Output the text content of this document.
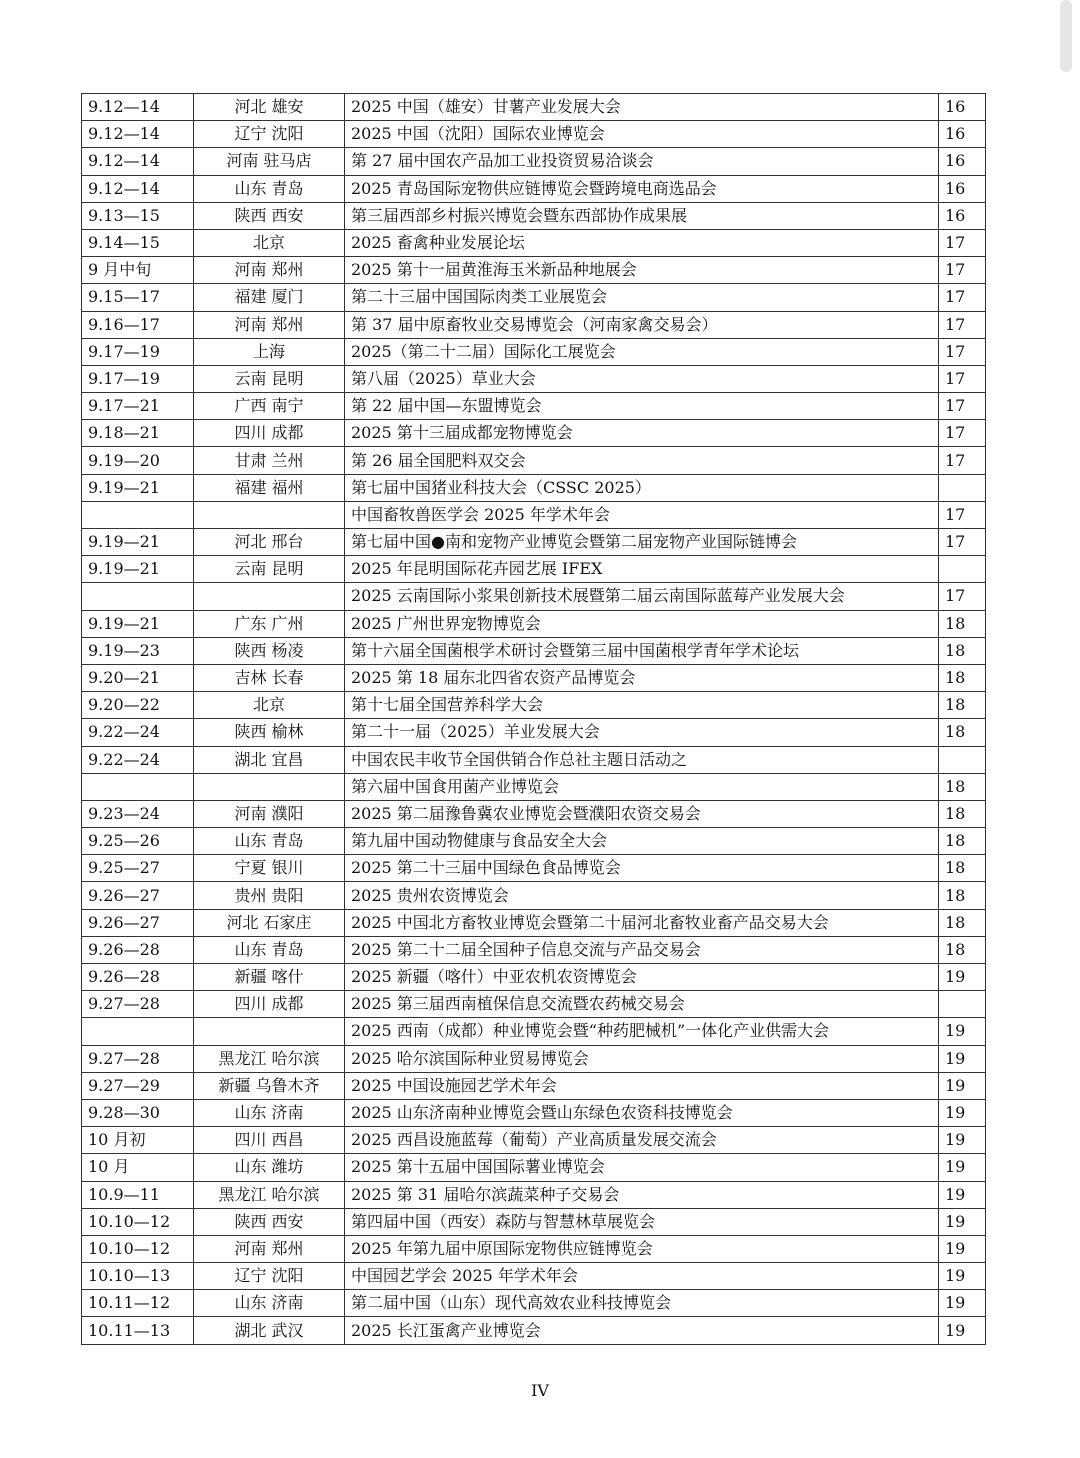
9.12—14	河北 雄安	2025 中国（雄安）甘薯产业发展大会	16
9.12—14	辽宁 沈阳	2025 中国（沈阳）国际农业博览会	16
9.12—14	河南 驻马店	第 27 届中国农产品加工业投资贸易洽谈会	16
9.12—14	山东 青岛	2025 青岛国际宠物供应链博览会暨跨境电商选品会	16
9.13—15	陕西 西安	第三届西部乡村振兴博览会暨东西部协作成果展	16
9.14—15	北京	2025 畜禽种业发展论坛	17
9 月中旬	河南 郑州	2025 第十一届黄淮海玉米新品种地展会	17
9.15—17	福建 厦门	第二十三届中国国际肉类工业展览会	17
9.16—17	河南 郑州	第 37 届中原畜牧业交易博览会（河南家禽交易会）	17
9.17—19	上海	2025（第二十二届）国际化工展览会	17
9.17—19	云南 昆明	第八届（2025）草业大会	17
9.17—21	广西 南宁	第 22 届中国—东盟博览会	17
9.18—21	四川 成都	2025 第十三届成都宠物博览会	17
9.19—20	甘肃 兰州	第 26 届全国肥料双交会	17
9.19—21	福建 福州	第七届中国猪业科技大会（CSSC 2025）	
		中国畜牧兽医学会 2025 年学术年会	17
9.19—21	河北 邢台	第七届中国●南和宠物产业博览会暨第二届宠物产业国际链博会	17
9.19—21	云南 昆明	2025 年昆明国际花卉园艺展 IFEX	
		2025 云南国际小浆果创新技术展暨第二届云南国际蓝莓产业发展大会	17
9.19—21	广东 广州	2025 广州世界宠物博览会	18
9.19—23	陕西 杨凌	第十六届全国菌根学术研讨会暨第三届中国菌根学青年学术论坛	18
9.20—21	吉林 长春	2025 第 18 届东北四省农资产品博览会	18
9.20—22	北京	第十七届全国营养科学大会	18
9.22—24	陕西 榆林	第二十一届（2025）羊业发展大会	18
9.22—24	湖北 宜昌	中国农民丰收节全国供销合作总社主题日活动之	
		第六届中国食用菌产业博览会	18
9.23—24	河南 濮阳	2025 第二届豫鲁冀农业博览会暨濮阳农资交易会	18
9.25—26	山东 青岛	第九届中国动物健康与食品安全大会	18
9.25—27	宁夏 银川	2025 第二十三届中国绿色食品博览会	18
9.26—27	贵州 贵阳	2025 贵州农资博览会	18
9.26—27	河北 石家庄	2025 中国北方畜牧业博览会暨第二十届河北畜牧业畜产品交易大会	18
9.26—28	山东 青岛	2025 第二十二届全国种子信息交流与产品交易会	18
9.26—28	新疆 喀什	2025 新疆（喀什）中亚农机农资博览会	19
9.27—28	四川 成都	2025 第三届西南植保信息交流暨农药械交易会	
		2025 西南（成都）种业博览会暨“种药肥械机”一体化产业供需大会	19
9.27—28	黑龙江 哈尔滨	2025 哈尔滨国际种业贸易博览会	19
9.27—29	新疆 乌鲁木齐	2025 中国设施园艺学术年会	19
9.28—30	山东 济南	2025 山东济南种业博览会暨山东绿色农资科技博览会	19
10 月初	四川 西昌	2025 西昌设施蓝莓（葡萄）产业高质量发展交流会	19
10 月	山东 潍坊	2025 第十五届中国国际薯业博览会	19
10.9—11	黑龙江 哈尔滨	2025 第 31 届哈尔滨蔬菜种子交易会	19
10.10—12	陕西 西安	第四届中国（西安）森防与智慧林草展览会	19
10.10—12	河南 郑州	2025 年第九届中原国际宠物供应链博览会	19
10.10—13	辽宁 沈阳	中国园艺学会 2025 年学术年会	19
10.11—12	山东 济南	第二届中国（山东）现代高效农业科技博览会	19
10.11—13	湖北 武汉	2025 长江蛋禽产业博览会	19
IV
